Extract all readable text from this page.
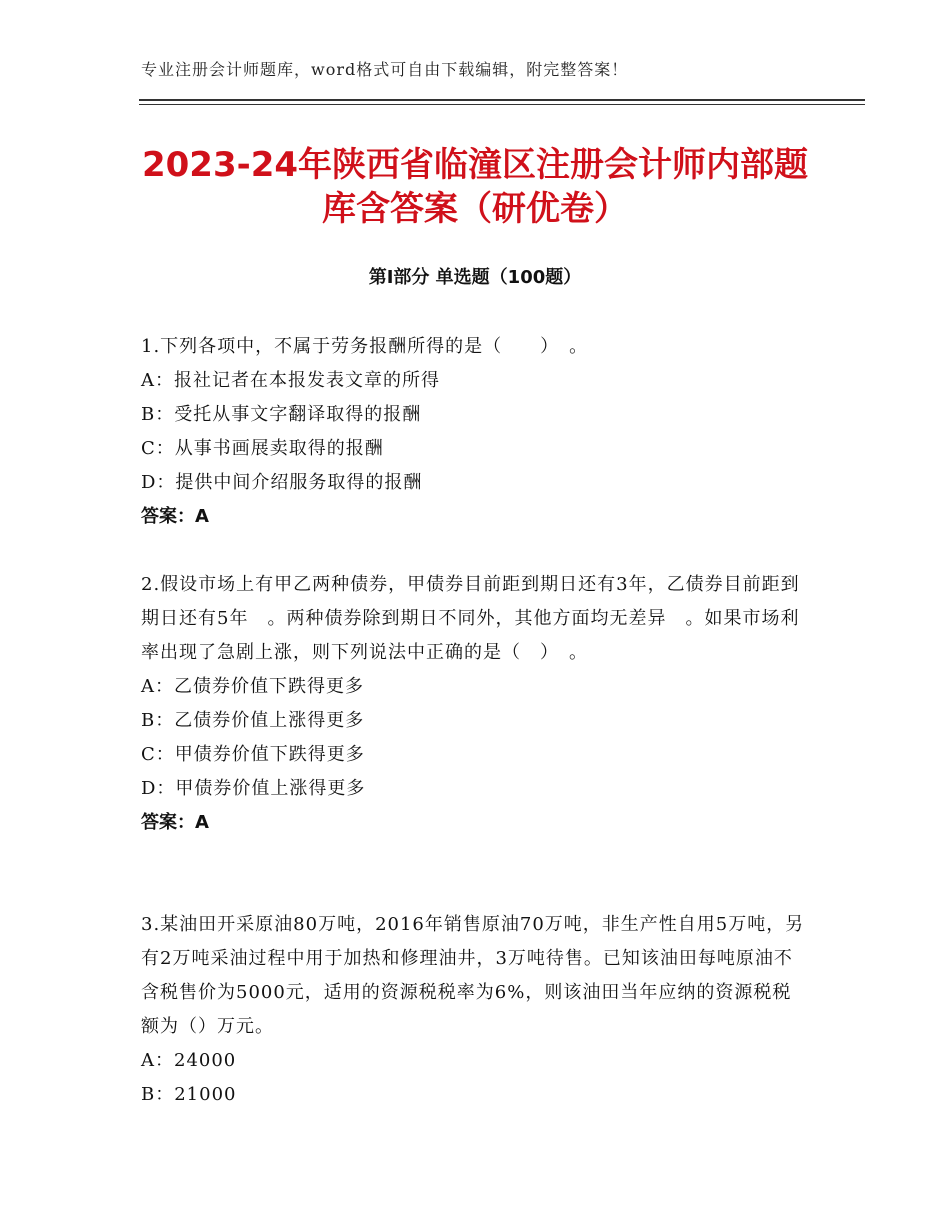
专业注册会计师题库，word格式可自由下载编辑，附完整答案！
2023-24年陕西省临潼区注册会计师内部题
库含答案（研优卷）
第I部分 单选题（100题）
1.下列各项中，不属于劳务报酬所得的是（　　）　。
A：报社记者在本报发表文章的所得
B：受托从事文字翻译取得的报酬
C：从事书画展卖取得的报酬
D：提供中间介绍服务取得的报酬
答案：A
2.假设市场上有甲乙两种债券，甲债券目前距到期日还有3年，乙债券目前距到期日还有5年　。两种债券除到期日不同外，其他方面均无差异　。如果市场利率出现了急剧上涨，则下列说法中正确的是（　）　。
A：乙债券价值下跌得更多
B：乙债券价值上涨得更多
C：甲债券价值下跌得更多
D：甲债券价值上涨得更多
答案：A
3.某油田开采原油80万吨，2016年销售原油70万吨，非生产性自用5万吨，另有2万吨采油过程中用于加热和修理油井，3万吨待售。已知该油田每吨原油不含税售价为5000元，适用的资源税税率为6%，则该油田当年应纳的资源税税额为（）万元。
A：24000
B：21000
